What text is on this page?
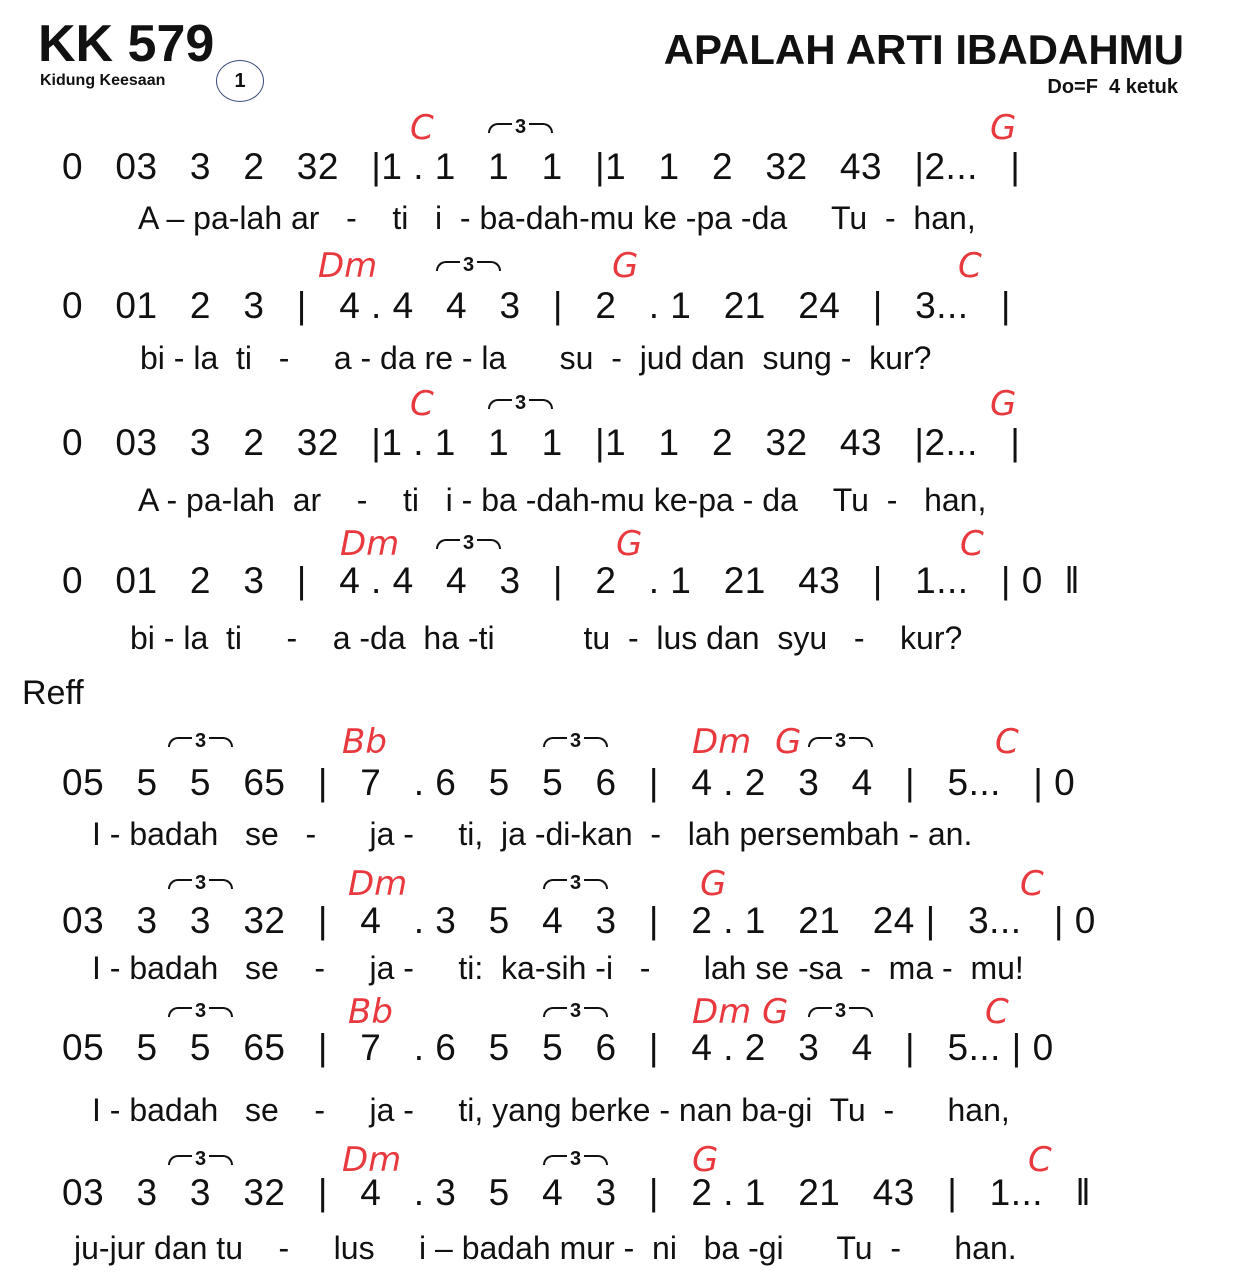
KK 579
Kidung Keesaan	1
APALAH ARTI IBADAHMU
Do=F  4 ketuk
Reff
0   03   3   2   32   |1 . 1   1   1   |1   1   2   32   43   |2...   |
A – pa-lah ar   -    ti   i  - ba-dah-mu ke -pa -da     Tu  -  han,
C	G
3
0   01   2   3   |   4 . 4   4   3   |   2   . 1   21   24   |   3...   |
bi - la  ti   -     a - da re - la      su  -  jud dan  sung -  kur?
Dm	G	C
3
0   03   3   2   32   |1 . 1   1   1   |1   1   2   32   43   |2...   |
A - pa-lah  ar    -    ti   i - ba -dah-mu ke-pa - da    Tu  -   han,
C	G
3
0   01   2   3   |   4 . 4   4   3   |   2   . 1   21   43   |   1...   | 0  ‖
bi - la  ti     -    a -da  ha -ti          tu  -  lus dan  syu   -    kur?
Dm	G	C
3
05   5   5   65   |   7   . 6   5   5   6   |   4 . 2   3   4   |   5...   | 0
I - badah   se   -      ja -     ti,  ja -di-kan  -   lah persembah - an.
Bb	Dm G	C
3	3	3
03   3   3   32   |   4   . 3   5   4   3   |   2 . 1   21   24 |   3...   | 0
I - badah   se    -     ja -     ti:  ka-sih -i   -      lah se -sa  -  ma -  mu!
Dm	G	C
3	3
05   5   5   65   |   7   . 6   5   5   6   |   4 . 2   3   4   |   5... | 0
I - badah   se    -     ja -     ti, yang berke - nan ba-gi  Tu  -      han,
Bb	Dm G	C
3	3	3
03   3   3   32   |   4   . 3   5   4   3   |   2 . 1   21   43   |   1...   ‖
ju-jur dan tu    -     lus     i – badah mur -  ni   ba -gi      Tu  -      han.
Dm	G	C
3	3
